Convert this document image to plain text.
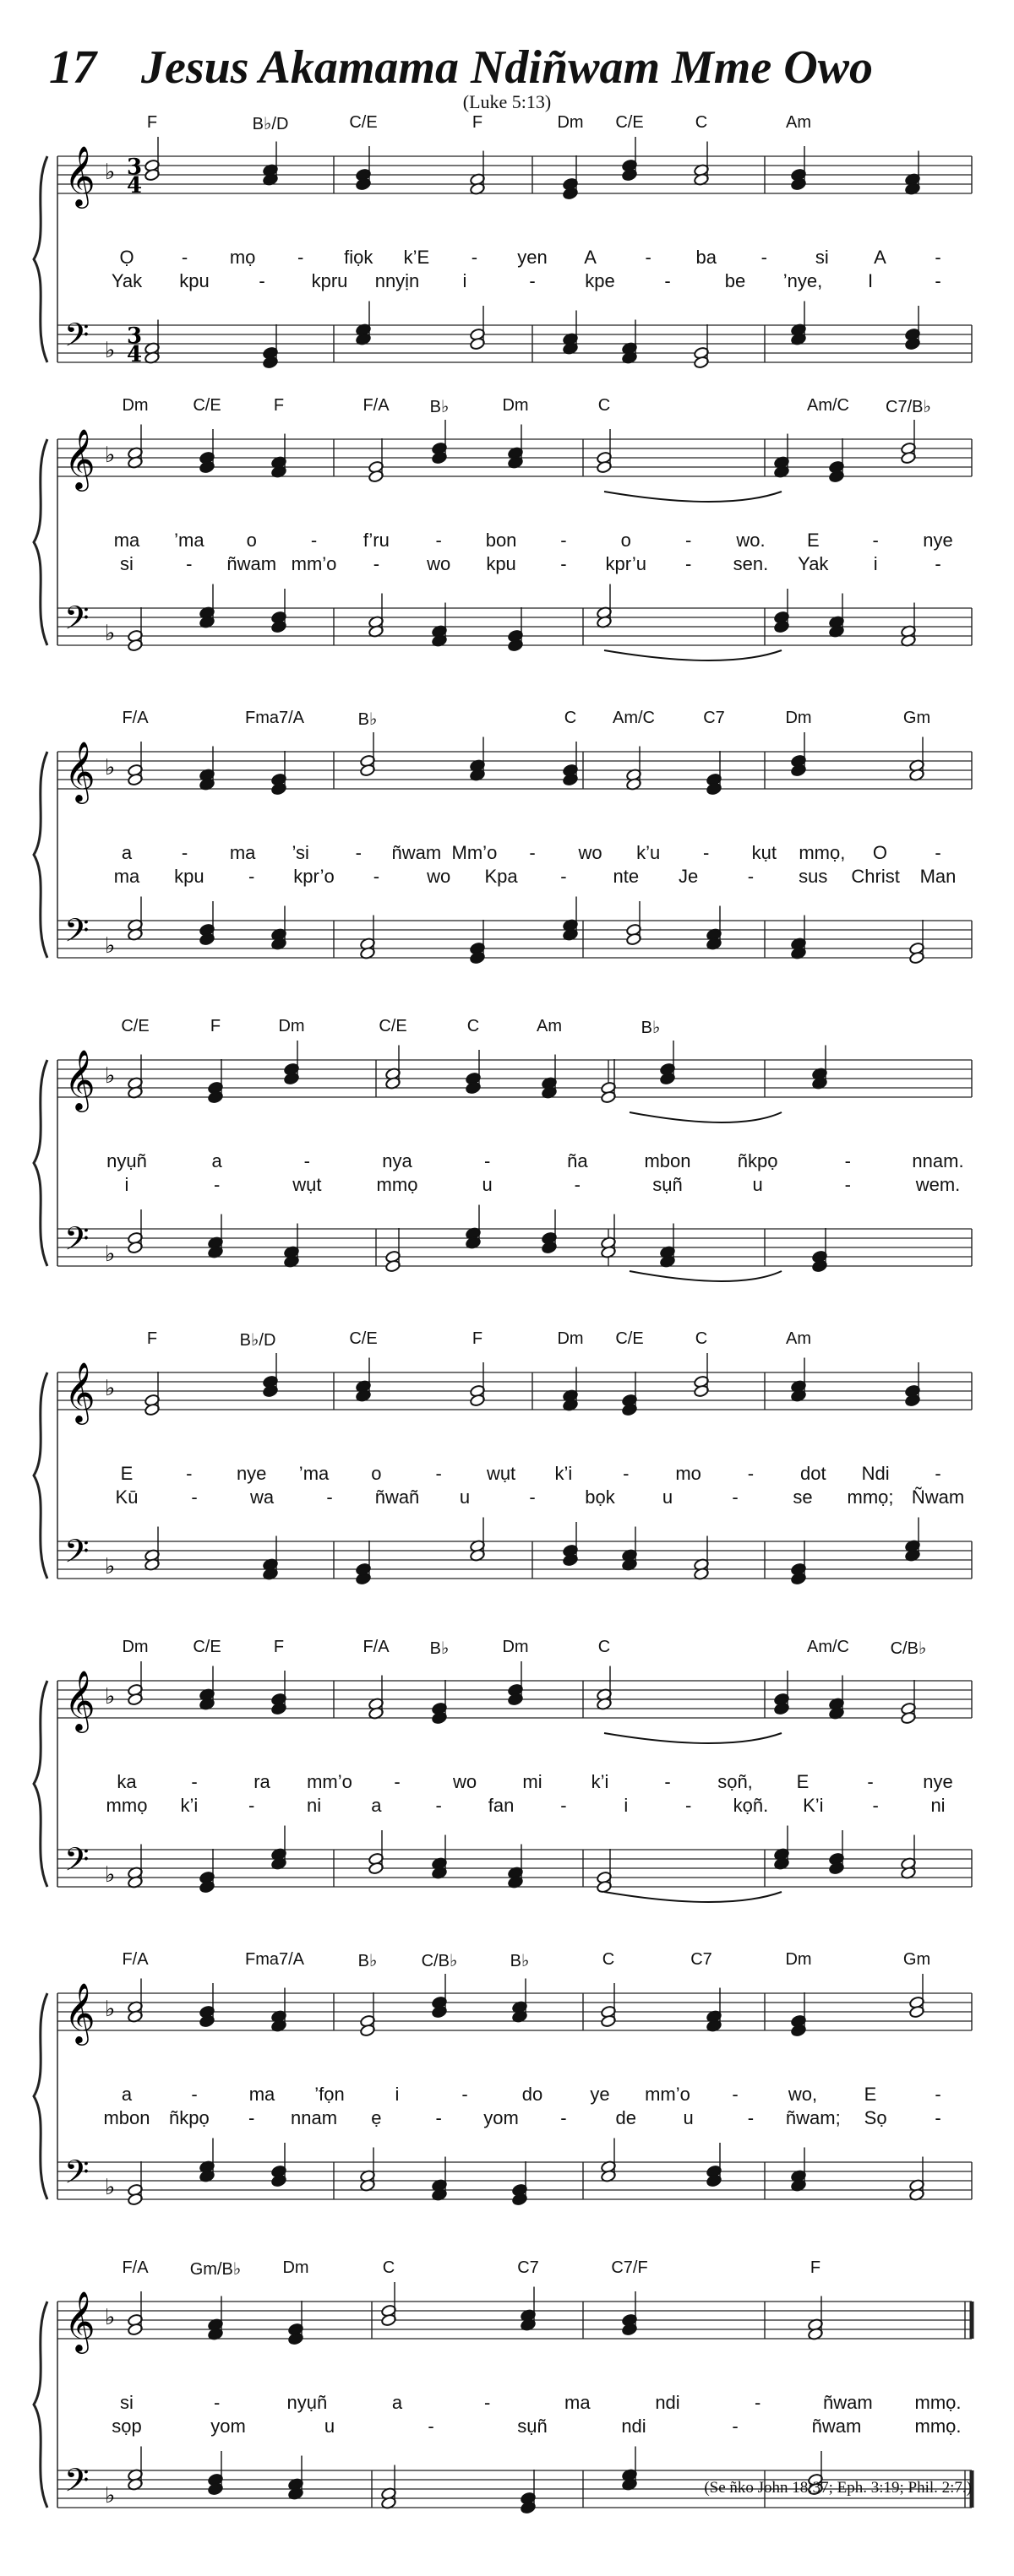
17 Jesus Akamama Ndiñwam Mme Owo
(Luke 5:13)
𝄞
𝄢
♭
♭
3
4
3
4
F	B♭/D	C/E	F	Dm C/E	C	Am
Ọ	- mọ - fiọk k’E - yen A	- ba -	si A	-
Yak kpu	- kpru nnyịn i	-	kpe	-	be ’nye, I	-
𝄞
𝄢
♭
♭
Dm	C/E	F	F/A B♭	Dm	C	Am/C C7/B♭
ma ’ma o	- f’ru - bon -	o	- wo. E	- nye
si	- ñwam mm’o -	wo kpu - kpr’u - sen. Yak i	-
𝄞
𝄢
♭
♭
F/A	Fma7/A	B♭	C Am/C	C7	Dm	Gm
a	- ma ’si - ñwam Mm’o - wo k’u - kụt mmọ, O	-
ma kpu - kpr’o -	wo Kpa - nte Je	- sus Christ Man
𝄞
𝄢
♭
♭
C/E	F	Dm	C/E	C	Am	B♭
nyụñ	a	-	nya	-	ña	mbon	ñkpọ	-	nnam.
i	-	wụt	mmọ	u	-	sụñ	u	-	wem.
𝄞
𝄢
♭
♭
F	B♭/D	C/E	F	Dm C/E	C	Am
E	- nye ’ma o	- wụt k’i	- mo - dot Ndi -
Kū	-	wa	- ñwañ u	-	bọk	u	-	se mmọ; Ñwam
𝄞
𝄢
♭
♭
Dm	C/E	F	F/A B♭	Dm	C	Am/C C/B♭
ka	-	ra mm’o -	wo mi	k’i	-	sọñ, E	-	nye
mmọ k’i	-	ni	a	- fan -	i	- kọñ. K’i	-	ni
𝄞
𝄢
♭
♭
F/A	Fma7/A	B♭	C/B♭	B♭	C	C7	Dm	Gm
a	-	ma ’fọn	i	-	do	ye mm’o -	wo,	E	-
mbon ñkpọ - nnam ẹ	- yom -	de	u	- ñwam; Sọ	-
𝄞
𝄢
♭
♭
F/A Gm/B♭ Dm	C	C7	C7/F	F
si	-	nyụñ	a	-	ma	ndi	-	ñwam mmọ.
sọp	yom	u	-	sụñ	ndi	-	ñwam	mmọ.
(Se ñko John 18:37; Eph. 3:19; Phil. 2:7.)
